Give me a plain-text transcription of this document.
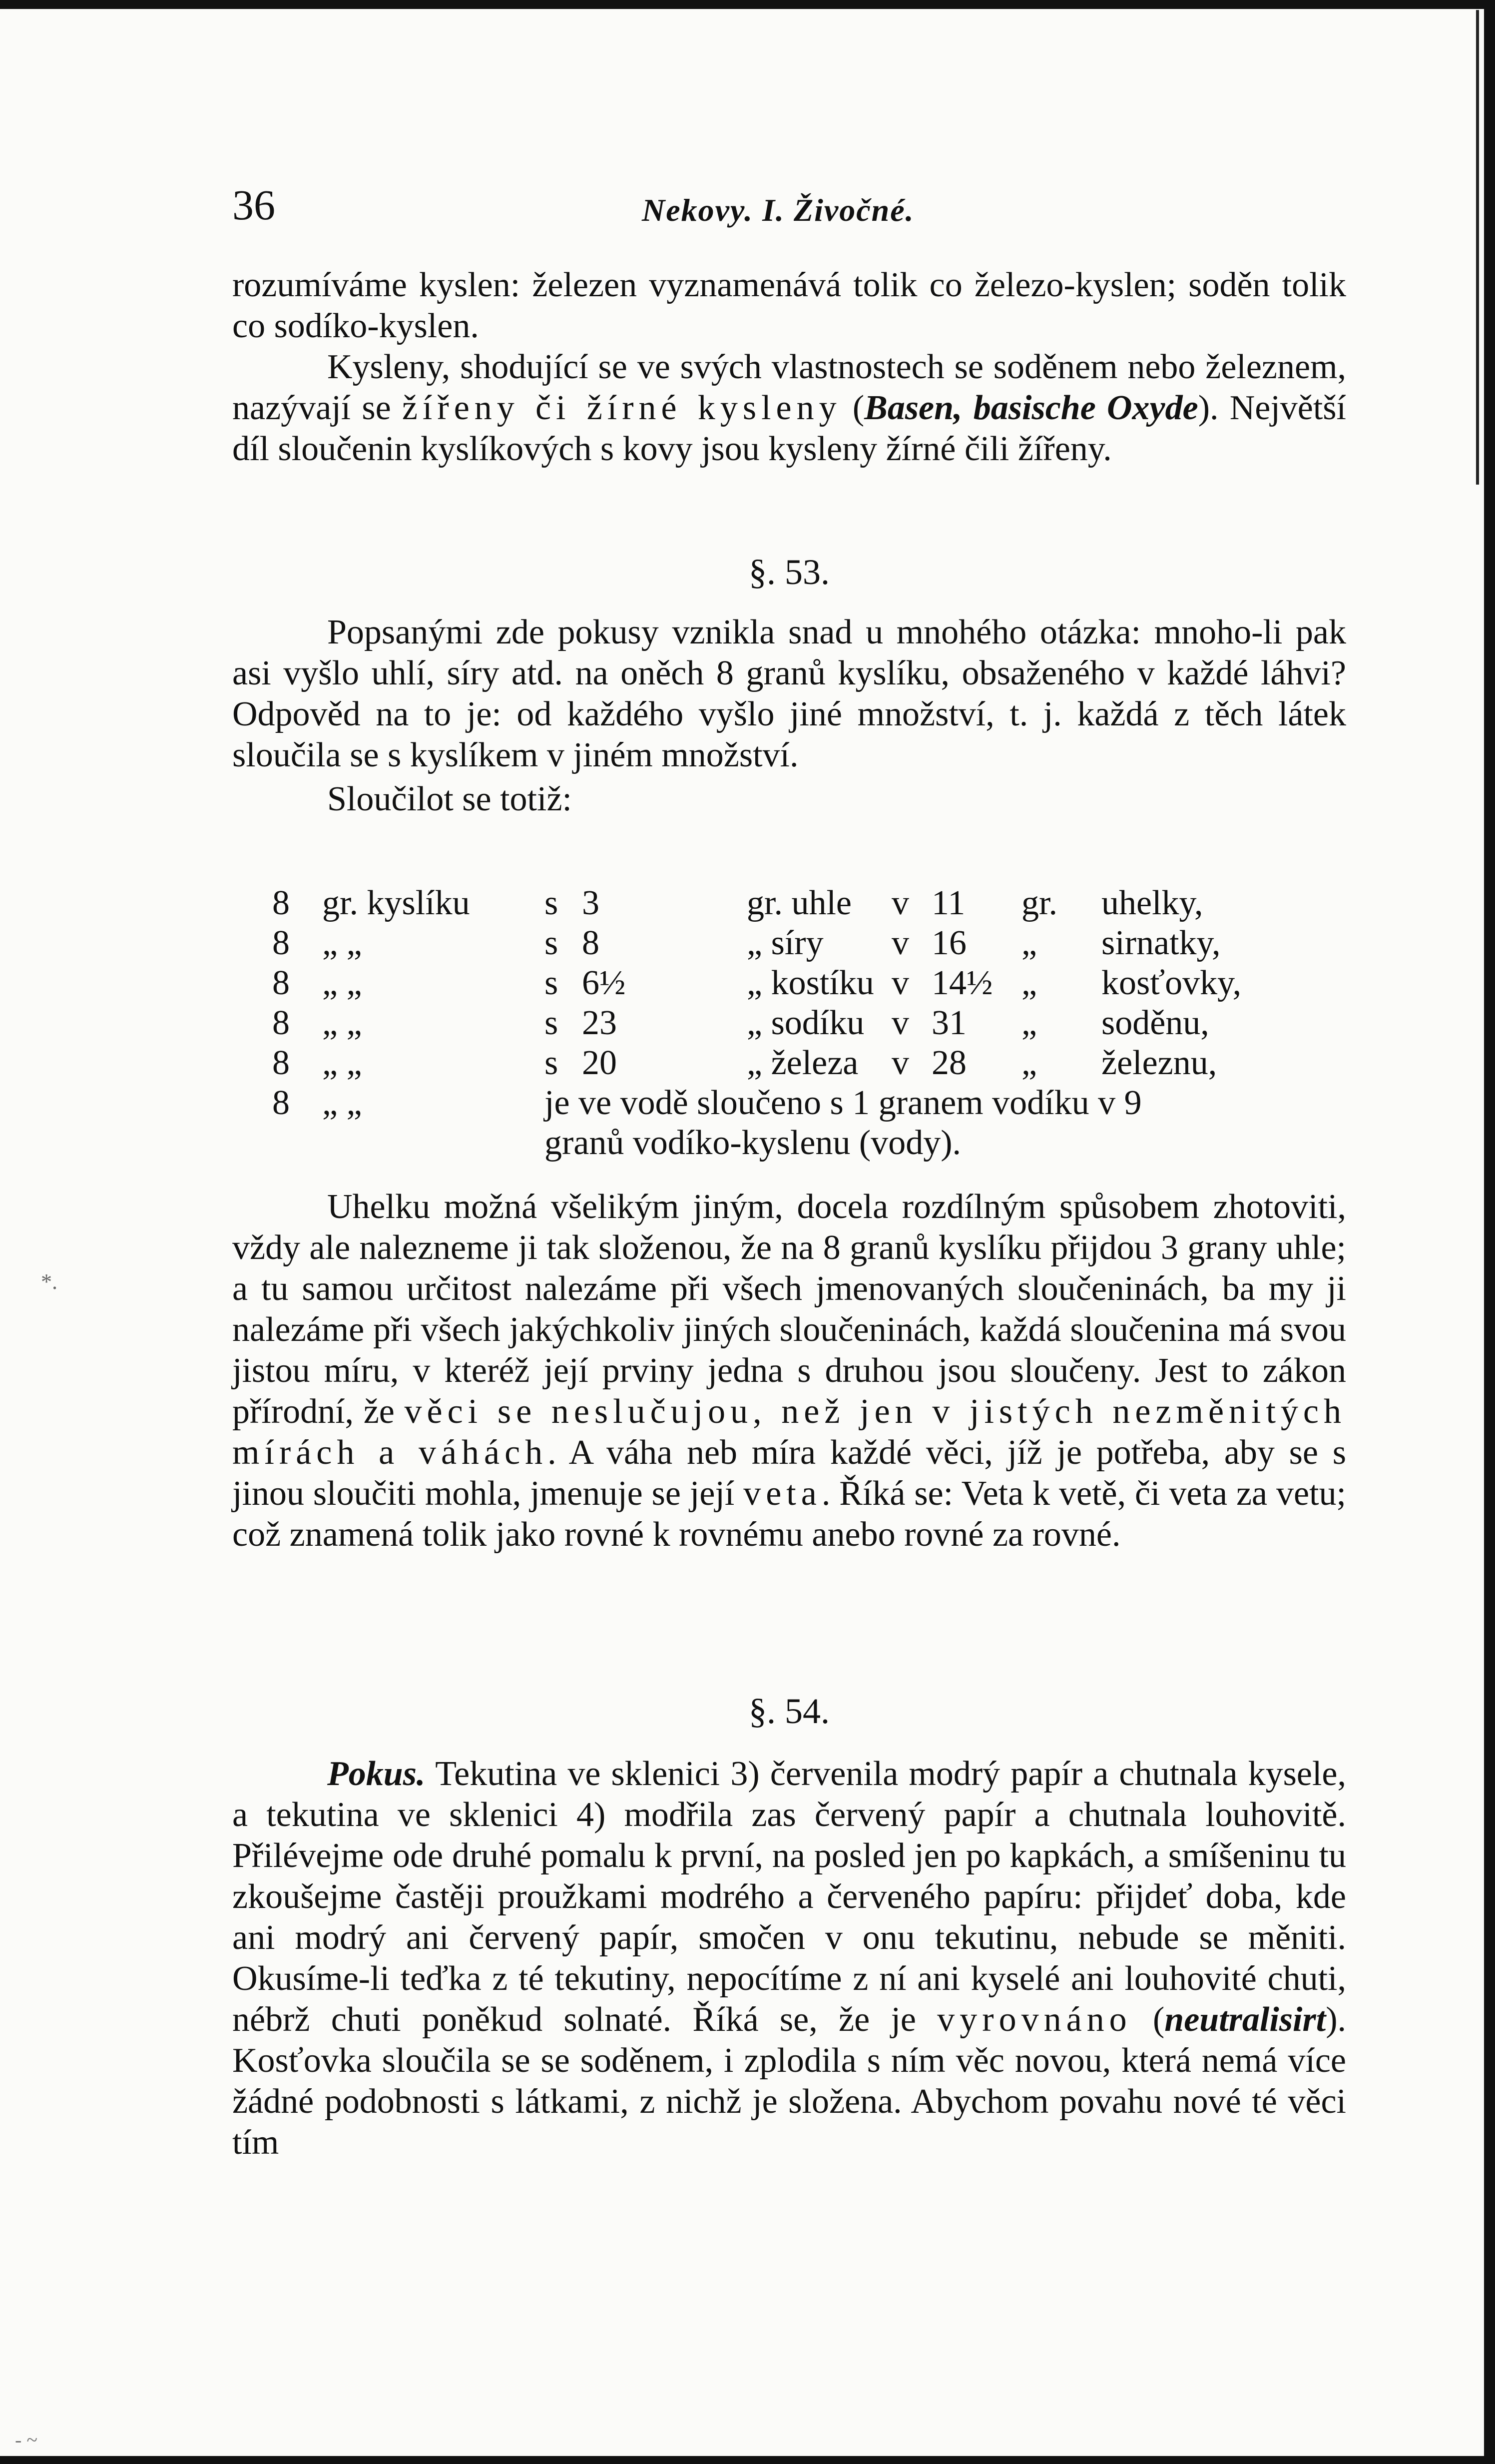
36	Nekovy. I. Živočné.

rozumíváme kyslen: železen vyznamenává tolik co železo-kyslen; soděn tolik co sodíko-kyslen.

Kysleny, shodující se ve svých vlastnostech se soděnem nebo železnem, nazývají se žířeny či žírné kysleny (Basen, basische Oxyde). Největší díl sloučenin kyslíkových s kovy jsou kysleny žírné čili žířeny.

§. 53.

Popsanými zde pokusy vznikla snad u mnohého otázka: mnoho-li pak asi vyšlo uhlí, síry atd. na oněch 8 granů kyslíku, obsaženého v každé láhvi? Odpověd na to je: od každého vyšlo jiné množství, t. j. každá z těch látek sloučila se s kyslíkem v jiném množství.

Sloučilot se totiž:

8 gr. kyslíku s 3	gr. uhle v 11 gr. uhelky,
8 „ „	s 8	„ síry v 16 „ sirnatky,
8 „ „	s 6½	„ kostíku v 14½ „ kosťovky,
8 „ „	s 23	„ sodíku v 31 „ soděnu,
8 „ „	s 20	„ železa v 28 „ železnu,
8 „ „	je ve vodě sloučeno s 1 granem vodíku v 9
granů vodíko-kyslenu (vody).

Uhelku možná všelikým jiným, docela rozdílným spůsobem zhotoviti, vždy ale nalezneme ji tak složenou, že na 8 granů kyslíku přijdou 3 grany uhle; a tu samou určitost nalezáme při všech jmenovaných sloučeninách, ba my ji nalezáme při všech jakýchkoliv jiných sloučeninách, každá sloučenina má svou jistou míru, v kteréž její prviny jedna s druhou jsou sloučeny. Jest to zákon přírodní, že věci se neslučujou, než jen v jistých nezměnitých mírách a váhách. A váha neb míra každé věci, jíž je potřeba, aby se s jinou sloučiti mohla, jmenuje se její veta. Říká se: Veta k vetě, či veta za vetu; což znamená tolik jako rovné k rovnému anebo rovné za rovné.

§. 54.

Pokus. Tekutina ve sklenici 3) červenila modrý papír a chutnala kysele, a tekutina ve sklenici 4) modřila zas červený papír a chutnala louhovitě. Přilévejme ode druhé pomalu k první, na posled jen po kapkách, a smíšeninu tu zkoušejme častěji proužkami modrého a červeného papíru: přijdeť doba, kde ani modrý ani červený papír, smočen v onu tekutinu, nebude se měniti. Okusíme-li teďka z té tekutiny, nepocítíme z ní ani kyselé ani louhovité chuti, nébrž chuti poněkud solnaté. Říká se, že je vyrovnáno (neutralisirt). Kosťovka sloučila se se soděnem, i zplodila s ním věc novou, která nemá více žádné podobnosti s látkami, z nichž je složena. Abychom povahu nové té věci tím

*.
- ~
